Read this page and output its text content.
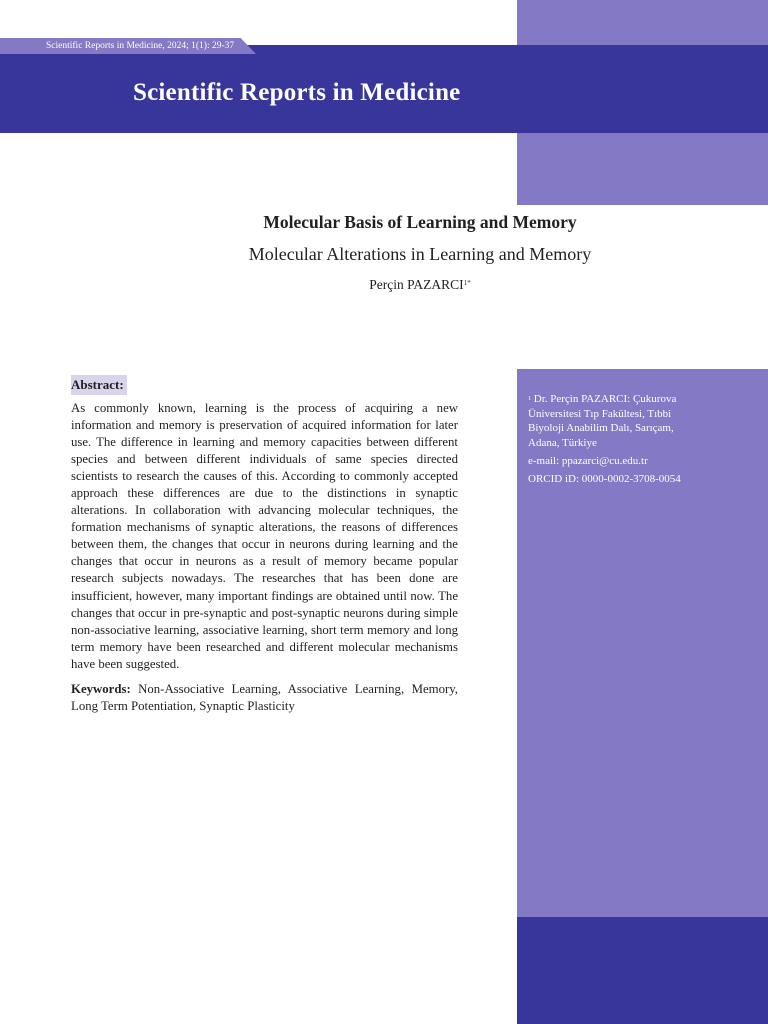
Scientific Reports in Medicine, 2024; 1(1): 29-37
Scientific Reports in Medicine
Molecular Basis of Learning and Memory

Molecular Alterations in Learning and Memory

Perçin $PAZARCI^{1*}$

Abstract:

As commonly known, learning is the process of acquiring a new information and memory is preservation of acquired information for later use. The difference in learning and memory capacities between different species and between different individuals of same species directed scientists to research the causes of this. According to commonly accepted approach these differences are due to the distinctions in synaptic alterations. In collaboration with advancing molecular techniques, the formation mechanisms of synaptic alterations, the reasons of differences between them, the changes that occur in neurons during learning and the changes that occur in neurons as a result of memory became popular research subjects nowadays. The researches that has been done are insufficient, however, many important findings are obtained until now. The changes that occur in pre-synaptic and post-synaptic neurons during simple non-associative learning, associative learning, short term memory and long term memory have been researched and different molecular mechanisms have been suggested.

Keywords: Non-Associative Learning, Associative Learning, Memory, Long Term Potentiation, Synaptic Plasticity

$^1$ Dr. Perçin PAZARCI: Çukurova Üniversitesi Tıp Fakültesi, Tıbbi Biyoloji Anabilim Dalı, Sarıçam, Adana, Türkiye

e-mail: ppazarci@cu.edu.tr

ORCID iD: 0000-0002-3708-0054
